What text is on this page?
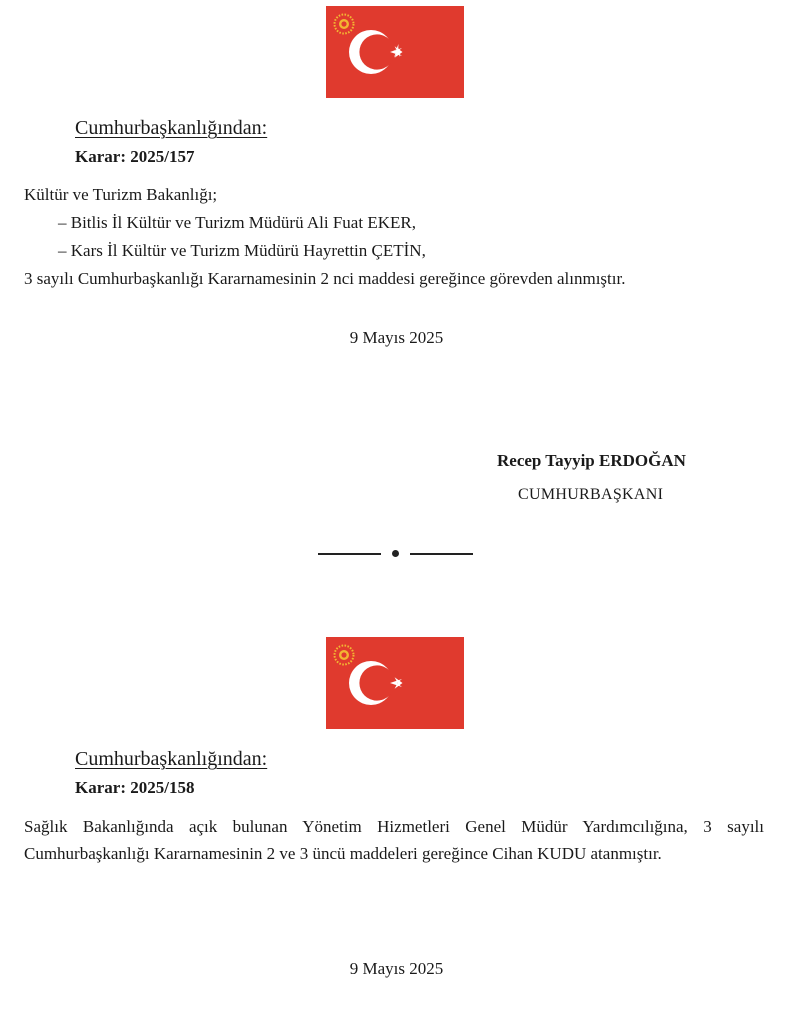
Cumhurbaşkanlığından:
Karar: 2025/157
Kültür ve Turizm Bakanlığı;
– Bitlis İl Kültür ve Turizm Müdürü Ali Fuat EKER,
– Kars İl Kültür ve Turizm Müdürü Hayrettin ÇETİN,
3 sayılı Cumhurbaşkanlığı Kararnamesinin 2 nci maddesi gereğince görevden alınmıştır.
9 Mayıs 2025
Recep Tayyip ERDOĞAN
CUMHURBAŞKANI
Cumhurbaşkanlığından:
Karar: 2025/158
Sağlık Bakanlığında açık bulunan Yönetim Hizmetleri Genel Müdür Yardımcılığına, 3 sayılı Cumhurbaşkanlığı Kararnamesinin 2 ve 3 üncü maddeleri gereğince Cihan KUDU atanmıştır.
9 Mayıs 2025
